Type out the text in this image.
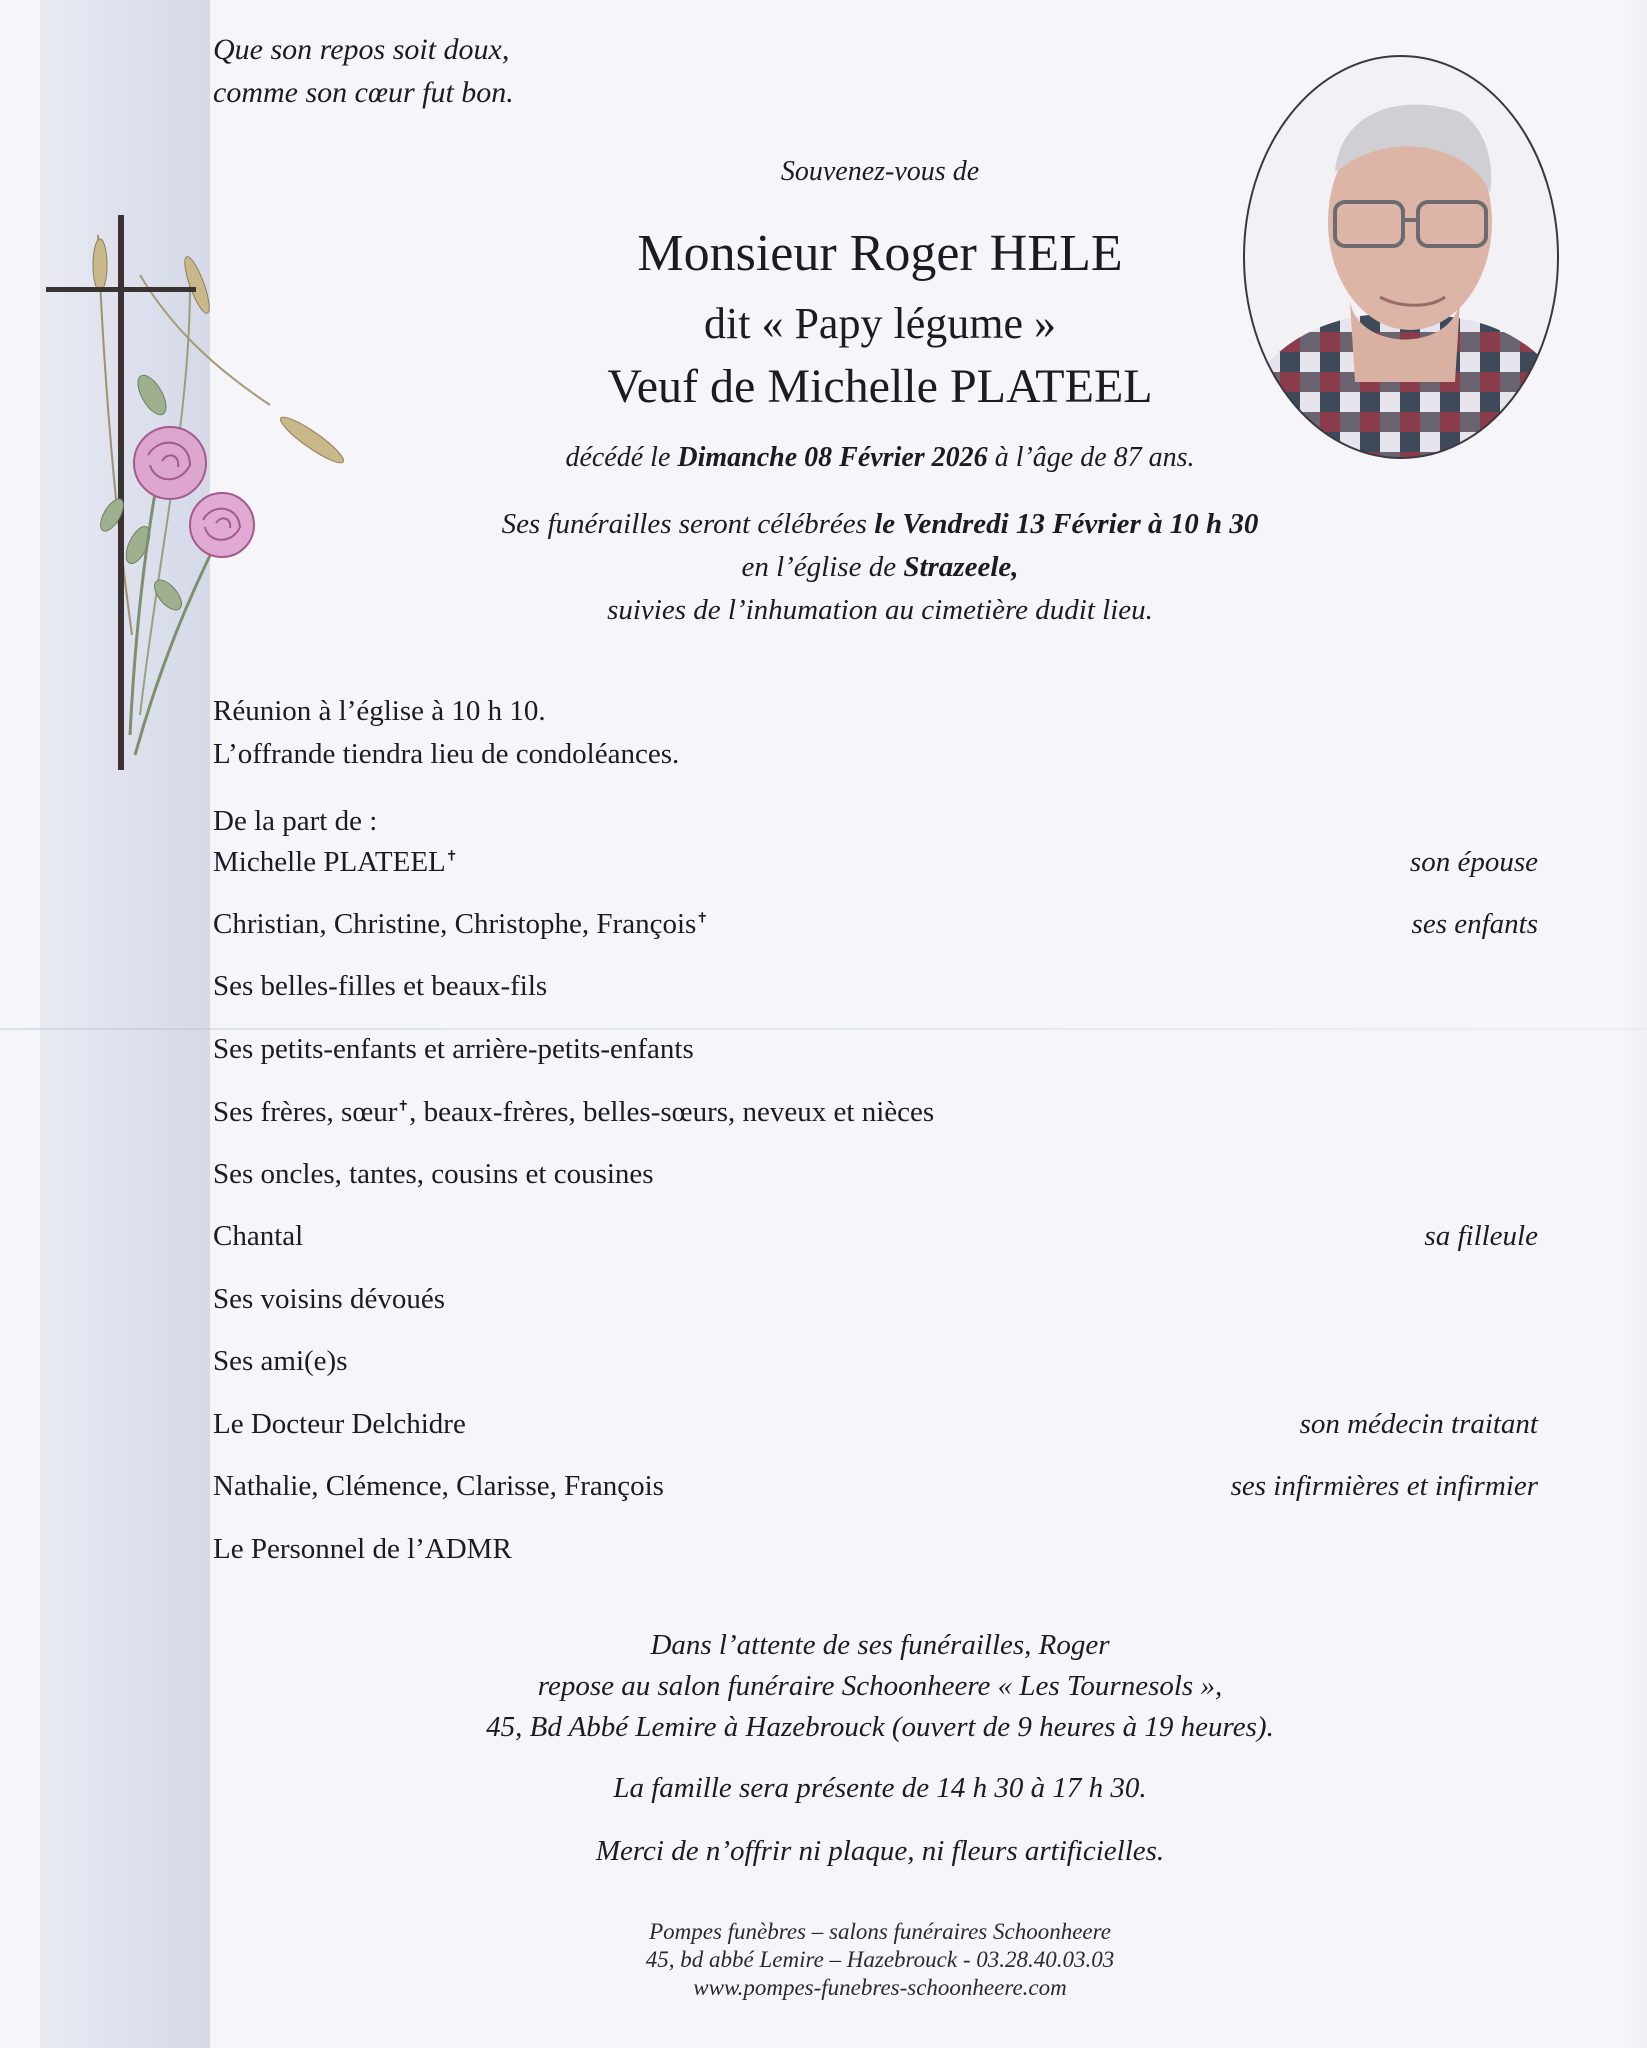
Que son repos soit doux,
comme son cœur fut bon.
Souvenez-vous de
Monsieur Roger HELE
dit « Papy légume »
Veuf de Michelle PLATEEL
décédé le Dimanche 08 Février 2026 à l’âge de 87 ans.
Ses funérailles seront célébrées le Vendredi 13 Février à 10 h 30
en l’église de Strazeele,
suivies de l’inhumation au cimetière dudit lieu.
Réunion à l’église à 10 h 10.
L’offrande tiendra lieu de condoléances.
De la part de :
Michelle PLATEEL✝	son épouse
Christian, Christine, Christophe, François✝	ses enfants
Ses belles-filles et beaux-fils
Ses petits-enfants et arrière-petits-enfants
Ses frères, sœur✝, beaux-frères, belles-sœurs, neveux et nièces
Ses oncles, tantes, cousins et cousines
Chantal	sa filleule
Ses voisins dévoués
Ses ami(e)s
Le Docteur Delchidre	son médecin traitant
Nathalie, Clémence, Clarisse, François	ses infirmières et infirmier
Le Personnel de l’ADMR
Dans l’attente de ses funérailles, Roger
repose au salon funéraire Schoonheere « Les Tournesols »,
45, Bd Abbé Lemire à Hazebrouck (ouvert de 9 heures à 19 heures).
La famille sera présente de 14 h 30 à 17 h 30.
Merci de n’offrir ni plaque, ni fleurs artificielles.
Pompes funèbres – salons funéraires Schoonheere
45, bd abbé Lemire – Hazebrouck - 03.28.40.03.03
www.pompes-funebres-schoonheere.com
